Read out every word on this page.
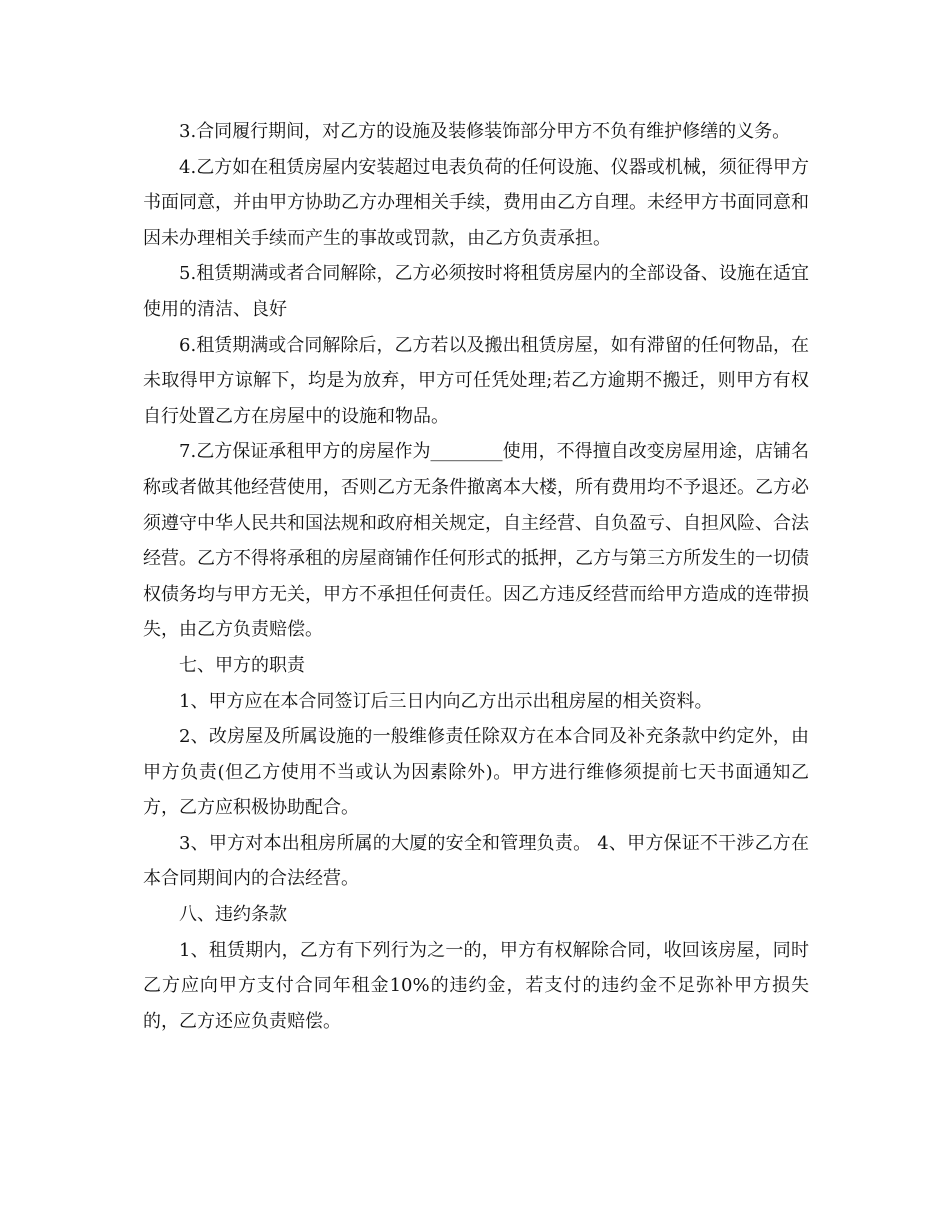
3.合同履行期间，对乙方的设施及装修装饰部分甲方不负有维护修缮的义务。

4.乙方如在租赁房屋内安装超过电表负荷的任何设施、仪器或机械，须征得甲方书面同意，并由甲方协助乙方办理相关手续，费用由乙方自理。未经甲方书面同意和因未办理相关手续而产生的事故或罚款，由乙方负责承担。

5.租赁期满或者合同解除，乙方必须按时将租赁房屋内的全部设备、设施在适宜使用的清洁、良好

6.租赁期满或合同解除后，乙方若以及搬出租赁房屋，如有滞留的任何物品，在未取得甲方谅解下，均是为放弃，甲方可任凭处理;若乙方逾期不搬迁，则甲方有权自行处置乙方在房屋中的设施和物品。

7.乙方保证承租甲方的房屋作为________使用，不得擅自改变房屋用途，店铺名称或者做其他经营使用，否则乙方无条件撤离本大楼，所有费用均不予退还。乙方必须遵守中华人民共和国法规和政府相关规定，自主经营、自负盈亏、自担风险、合法经营。乙方不得将承租的房屋商铺作任何形式的抵押，乙方与第三方所发生的一切债权债务均与甲方无关，甲方不承担任何责任。因乙方违反经营而给甲方造成的连带损失，由乙方负责赔偿。

七、甲方的职责

1、甲方应在本合同签订后三日内向乙方出示出租房屋的相关资料。

2、改房屋及所属设施的一般维修责任除双方在本合同及补充条款中约定外，由甲方负责(但乙方使用不当或认为因素除外)。甲方进行维修须提前七天书面通知乙方，乙方应积极协助配合。

3、甲方对本出租房所属的大厦的安全和管理负责。 4、甲方保证不干涉乙方在本合同期间内的合法经营。

八、违约条款

1、租赁期内，乙方有下列行为之一的，甲方有权解除合同，收回该房屋，同时乙方应向甲方支付合同年租金10%的违约金，若支付的违约金不足弥补甲方损失的，乙方还应负责赔偿。
